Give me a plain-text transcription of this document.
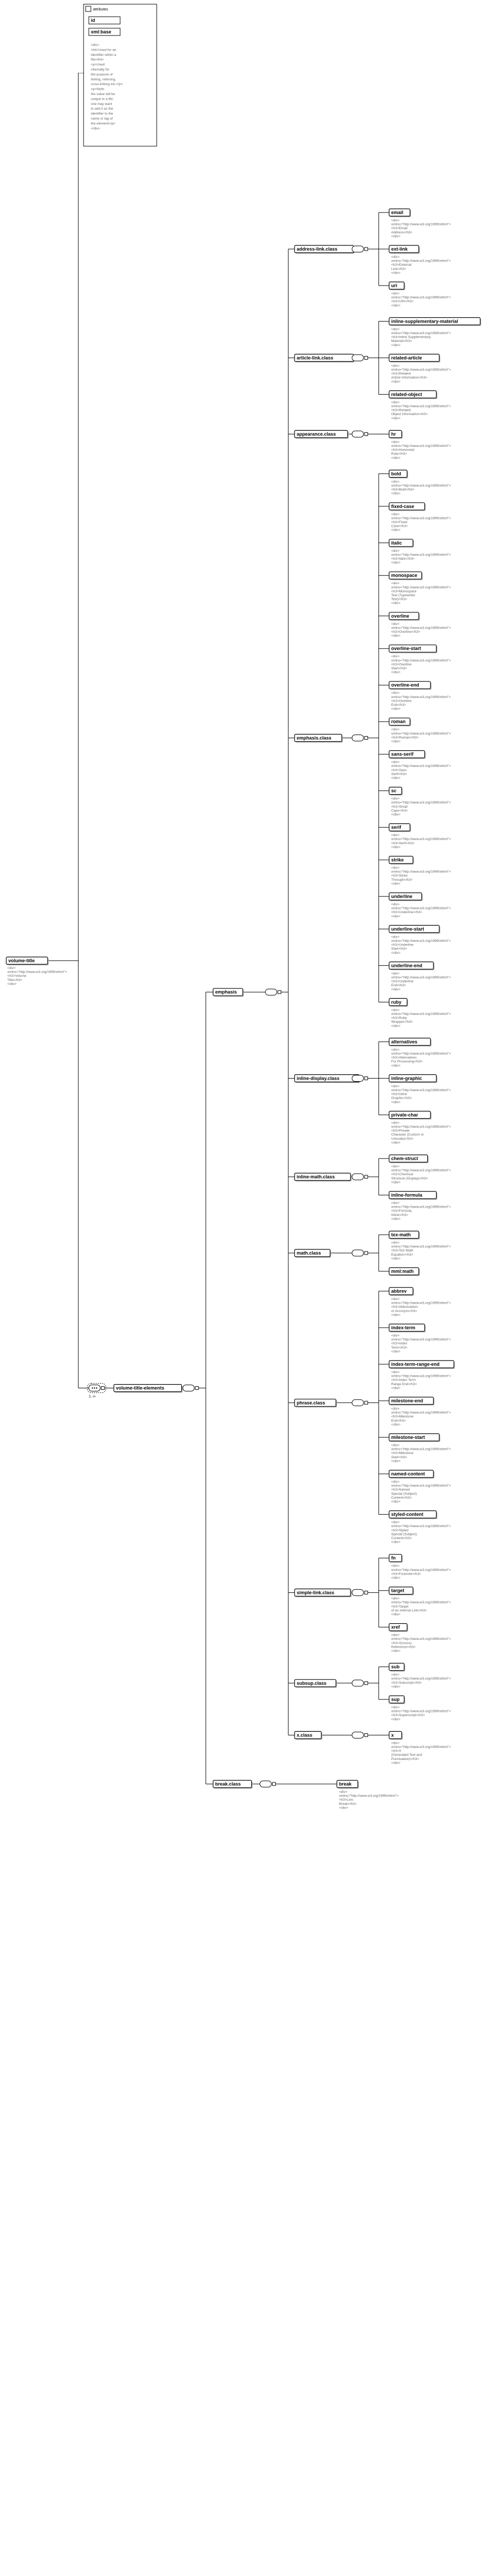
email
<div>
xmlns="http://www.w3.org/1999/xhtml">
<h3>Email
Address</h3>
</div>
ext-link
<div>
xmlns="http://www.w3.org/1999/xhtml">
<h3>External
Link</h3>
</div>
uri
<div>
xmlns="http://www.w3.org/1999/xhtml">
<h3>URI</h3>
</div>
inline-supplementary-material
<div>
xmlns="http://www.w3.org/1999/xhtml">
<h3>Inline Supplementary
Material</h3>
</div>
related-article
<div>
xmlns="http://www.w3.org/1999/xhtml">
<h3>Related
Article Information</h3>
</div>
related-object
<div>
xmlns="http://www.w3.org/1999/xhtml">
<h3>Related
Object Information</h3>
</div>
hr
<div>
xmlns="http://www.w3.org/1999/xhtml">
<h3>Horizontal
Rule</h3>
</div>
bold
<div>
xmlns="http://www.w3.org/1999/xhtml">
<h3>Bold</h3>
</div>
fixed-case
<div>
xmlns="http://www.w3.org/1999/xhtml">
<h3>Fixed
Case</h3>
</div>
italic
<div>
xmlns="http://www.w3.org/1999/xhtml">
<h3>Italic</h3>
</div>
monospace
<div>
xmlns="http://www.w3.org/1999/xhtml">
<h3>Monospace
Text (Typewriter
Text)</h3>
</div>
overline
<div>
xmlns="http://www.w3.org/1999/xhtml">
<h3>Overline</h3>
</div>
overline-start
<div>
xmlns="http://www.w3.org/1999/xhtml">
<h3>Overline
Start</h3>
</div>
overline-end
<div>
xmlns="http://www.w3.org/1999/xhtml">
<h3>Overline
End</h3>
</div>
roman
<div>
xmlns="http://www.w3.org/1999/xhtml">
<h3>Roman</h3>
</div>
sans-serif
<div>
xmlns="http://www.w3.org/1999/xhtml">
<h3>Sans
Serif</h3>
</div>
sc
<div>
xmlns="http://www.w3.org/1999/xhtml">
<h3>Small
Caps</h3>
</div>
serif
<div>
xmlns="http://www.w3.org/1999/xhtml">
<h3>Serif</h3>
</div>
strike
<div>
xmlns="http://www.w3.org/1999/xhtml">
<h3>Strike
Through</h3>
</div>
underline
<div>
xmlns="http://www.w3.org/1999/xhtml">
<h3>Underline</h3>
</div>
underline-start
<div>
xmlns="http://www.w3.org/1999/xhtml">
<h3>Underline
Start</h3>
</div>
underline-end
<div>
xmlns="http://www.w3.org/1999/xhtml">
<h3>Underline
End</h3>
</div>
ruby
<div>
xmlns="http://www.w3.org/1999/xhtml">
<h3>Ruby
Wrapper</h3>
</div>
alternatives
<div>
xmlns="http://www.w3.org/1999/xhtml">
<h3>Alternatives
For Processing</h3>
</div>
inline-graphic
<div>
xmlns="http://www.w3.org/1999/xhtml">
<h3>Inline
Graphic</h3>
</div>
private-char
<div>
xmlns="http://www.w3.org/1999/xhtml">
<h3>Private
Character (Custom or
Unicode)</h3>
</div>
chem-struct
<div>
xmlns="http://www.w3.org/1999/xhtml">
<h3>Chemical
Structure (Display)</h3>
</div>
inline-formula
<div>
xmlns="http://www.w3.org/1999/xhtml">
<h3>Formula,
Inline</h3>
</div>
tex-math
<div>
xmlns="http://www.w3.org/1999/xhtml">
<h3>TeX Math
Equation</h3>
</div>
mml:math
abbrev
<div>
xmlns="http://www.w3.org/1999/xhtml">
<h3>Abbreviation
or Acronym</h3>
</div>
index-term
<div>
xmlns="http://www.w3.org/1999/xhtml">
<h3>Index
Term</h3>
</div>
index-term-range-end
<div>
xmlns="http://www.w3.org/1999/xhtml">
<h3>Index Term
Range End</h3>
</div>
milestone-end
<div>
xmlns="http://www.w3.org/1999/xhtml">
<h3>Milestone
End</h3>
</div>
milestone-start
<div>
xmlns="http://www.w3.org/1999/xhtml">
<h3>Milestone
Start</h3>
</div>
named-content
<div>
xmlns="http://www.w3.org/1999/xhtml">
<h3>Named
Special (Subject)
Content</h3>
</div>
styled-content
<div>
xmlns="http://www.w3.org/1999/xhtml">
<h3>Styled
Special (Subject)
Content</h3>
</div>
fn
<div>
xmlns="http://www.w3.org/1999/xhtml">
<h3>Footnote</h3>
</div>
target
<div>
xmlns="http://www.w3.org/1999/xhtml">
<h3>Target
of an Internal Link</h3>
</div>
xref
<div>
xmlns="http://www.w3.org/1999/xhtml">
<h3>X(cross)
Reference</h3>
</div>
sub
<div>
xmlns="http://www.w3.org/1999/xhtml">
<h3>Subscript</h3>
</div>
sup
<div>
xmlns="http://www.w3.org/1999/xhtml">
<h3>Superscript</h3>
</div>
x
<div>
xmlns="http://www.w3.org/1999/xhtml">
<h3>X
(Generated Text and
Punctuation)</h3>
</div>
break
<div>
xmlns="http://www.w3.org/1999/xhtml">
<h3>Line
Break</h3>
</div>
address-link.class
article-link.class
appearance.class
emphasis.class
inline-display.class
inline-math.class
math.class
phrase.class
simple-link.class
subsup.class
x.class
break.class
emphasis
volume-title-elements
1..∞
volume-title
<div>
xmlns="http://www.w3.org/1999/xhtml">
<h3>Volume
Title</h3>
</div>
attributes
id
xml:base
<div>
<h4>Used for an
identifier within a
file</h4>
<p>Used
internally for
the purpose of
linking, referring,
cross-linking etc.</p>
<p>Note:
the value will be
unique in a file;
one may want
to add it as the
identifier to the
name or tag of
the element</p>
</div>
